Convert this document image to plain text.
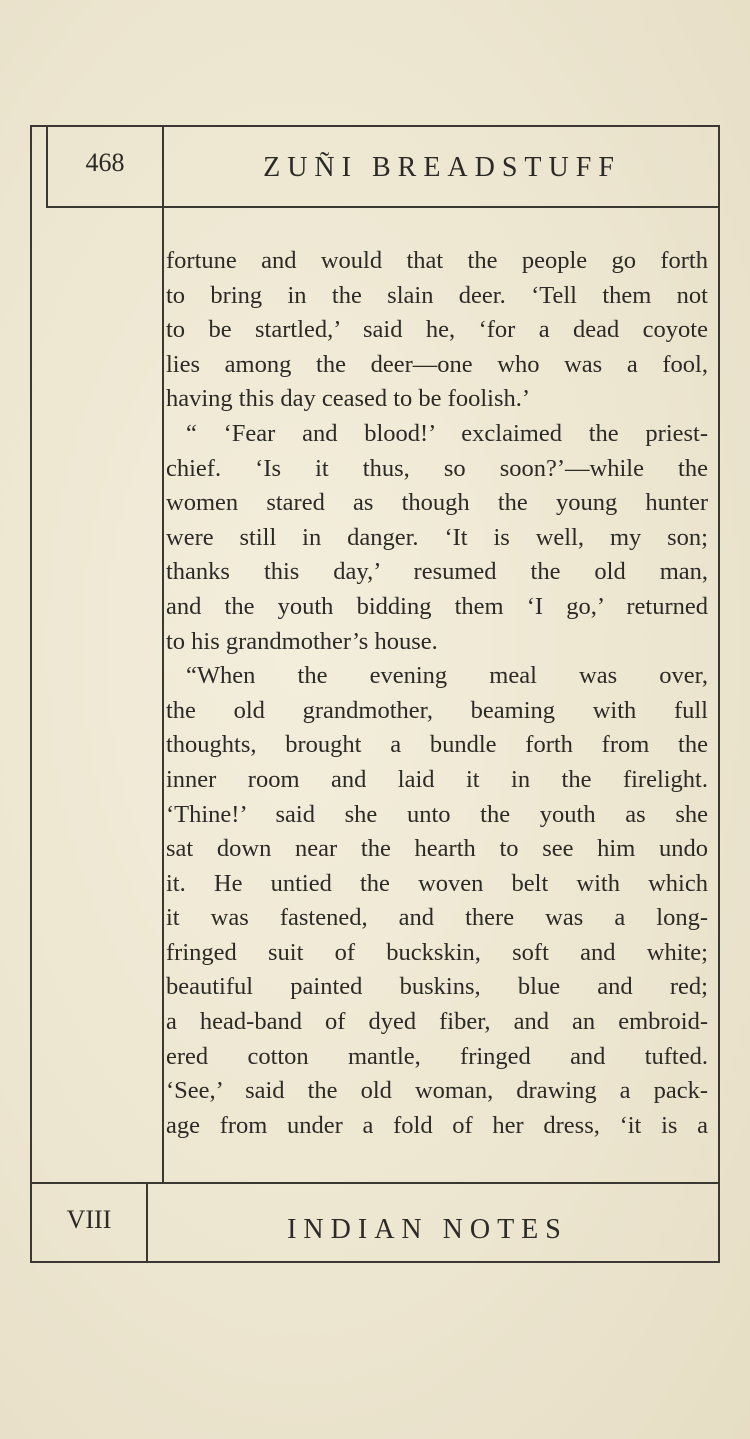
468	ZUÑI BREADSTUFF
fortune and would that the people go forth
to bring in the slain deer. ‘Tell them not
to be startled,’ said he, ‘for a dead coyote
lies among the deer—one who was a fool,
having this day ceased to be foolish.’
“ ‘Fear and blood!’ exclaimed the priest-
chief. ‘Is it thus, so soon?’—while the
women stared as though the young hunter
were still in danger. ‘It is well, my son;
thanks this day,’ resumed the old man,
and the youth bidding them ‘I go,’ returned
to his grandmother’s house.
“When the evening meal was over,
the old grandmother, beaming with full
thoughts, brought a bundle forth from the
inner room and laid it in the firelight.
‘Thine!’ said she unto the youth as she
sat down near the hearth to see him undo
it. He untied the woven belt with which
it was fastened, and there was a long-
fringed suit of buckskin, soft and white;
beautiful painted buskins, blue and red;
a head-band of dyed fiber, and an embroid-
ered cotton mantle, fringed and tufted.
‘See,’ said the old woman, drawing a pack-
age from under a fold of her dress, ‘it is a
VIII	INDIAN NOTES
